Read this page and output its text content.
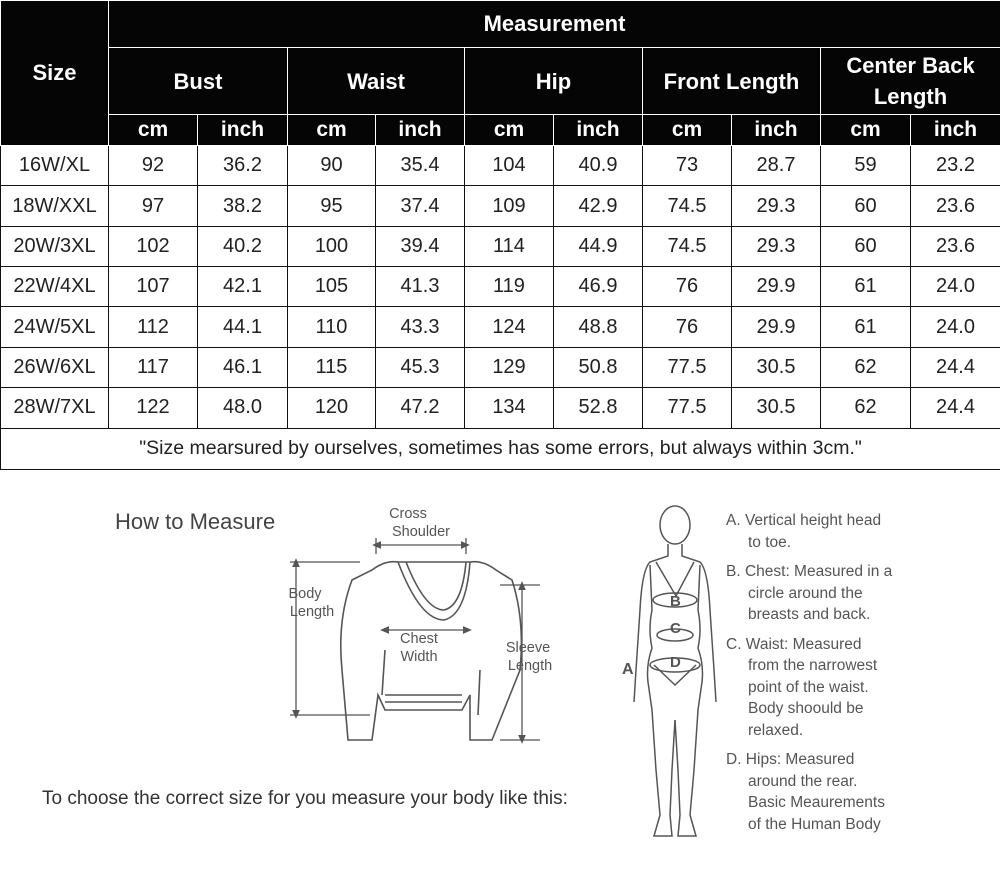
Size	Measurement									
	Bust		Waist		Hip		Front Length		Center Back Length	
	cm	inch	cm	inch	cm	inch	cm	inch	cm	inch
16W/XL	92	36.2	90	35.4	104	40.9	73	28.7	59	23.2
18W/XXL	97	38.2	95	37.4	109	42.9	74.5	29.3	60	23.6
20W/3XL	102	40.2	100	39.4	114	44.9	74.5	29.3	60	23.6
22W/4XL	107	42.1	105	41.3	119	46.9	76	29.9	61	24.0
24W/5XL	112	44.1	110	43.3	124	48.8	76	29.9	61	24.0
26W/6XL	117	46.1	115	45.3	129	50.8	77.5	30.5	62	24.4
28W/7XL	122	48.0	120	47.2	134	52.8	77.5	30.5	62	24.4
"Size mearsured by ourselves, sometimes has some errors, but always within 3cm."										
How to Measure	Cross
Shoulder
Body
Length
Chest
Width
Sleeve
Length	A
B
C
D
To choose the correct size for you measure your body like this:
A. Vertical height head
to toe.
B. Chest: Measured in a
circle around the
breasts and back.
C. Waist: Measured
from the narrowest
point of the waist.
Body shoould be
relaxed.
D. Hips: Measured
around the rear.
Basic Meaurements
of the Human Body
